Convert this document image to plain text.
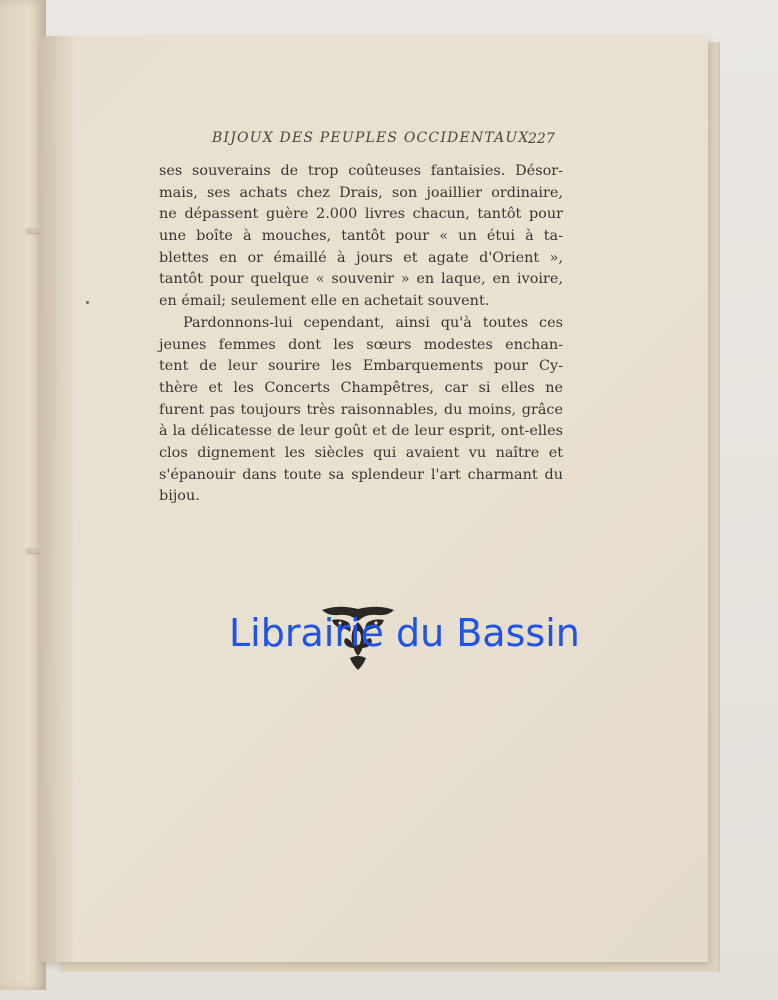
BIJOUX DES PEUPLES OCCIDENTAUX
227
ses souverains de trop coûteuses fantaisies. Désor-
mais, ses achats chez Drais, son joaillier ordinaire,
ne dépassent guère 2.000 livres chacun, tantôt pour
une boîte à mouches, tantôt pour « un étui à ta-
blettes en or émaillé à jours et agate d'Orient »,
tantôt pour quelque « souvenir » en laque, en ivoire,
en émail; seulement elle en achetait souvent.
Pardonnons-lui cependant, ainsi qu'à toutes ces
jeunes femmes dont les sœurs modestes enchan-
tent de leur sourire les Embarquements pour Cy-
thère et les Concerts Champêtres, car si elles ne
furent pas toujours très raisonnables, du moins, grâce
à la délicatesse de leur goût et de leur esprit, ont-elles
clos dignement les siècles qui avaient vu naître et
s'épanouir dans toute sa splendeur l'art charmant du
bijou.
Librairie du Bassin
